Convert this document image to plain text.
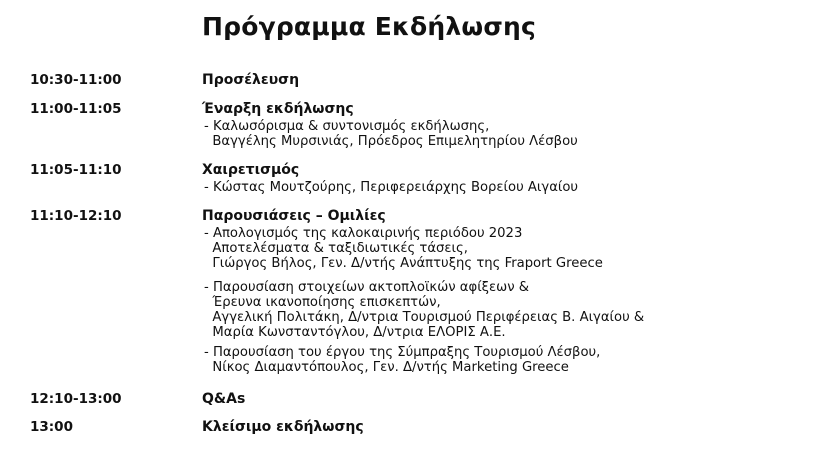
Πρόγραμμα Εκδήλωσης
10:30-11:00	Προσέλευση
11:00-11:05	Έναρξη εκδήλωσης
- Καλωσόρισμα & συντονισμός εκδήλωσης,
Βαγγέλης Μυρσινιάς, Πρόεδρος Επιμελητηρίου Λέσβου
11:05-11:10	Χαιρετισμός
- Κώστας Μουτζούρης, Περιφερειάρχης Βορείου Αιγαίου
11:10-12:10	Παρουσιάσεις – Ομιλίες
- Απολογισμός της καλοκαιρινής περιόδου 2023
Αποτελέσματα & ταξιδιωτικές τάσεις,
Γιώργος Βήλος, Γεν. Δ/ντής Ανάπτυξης της Fraport Greece
- Παρουσίαση στοιχείων ακτοπλοϊκών αφίξεων &
Έρευνα ικανοποίησης επισκεπτών,
Αγγελική Πολιτάκη, Δ/ντρια Τουρισμού Περιφέρειας Β. Αιγαίου &
Μαρία Κωνσταντόγλου, Δ/ντρια ΕΛΟΡΙΣ Α.Ε.
- Παρουσίαση του έργου της Σύμπραξης Τουρισμού Λέσβου,
Νίκος Διαμαντόπουλος, Γεν. Δ/ντής Marketing Greece
12:10-13:00	Q&As
13:00	Κλείσιμο εκδήλωσης
